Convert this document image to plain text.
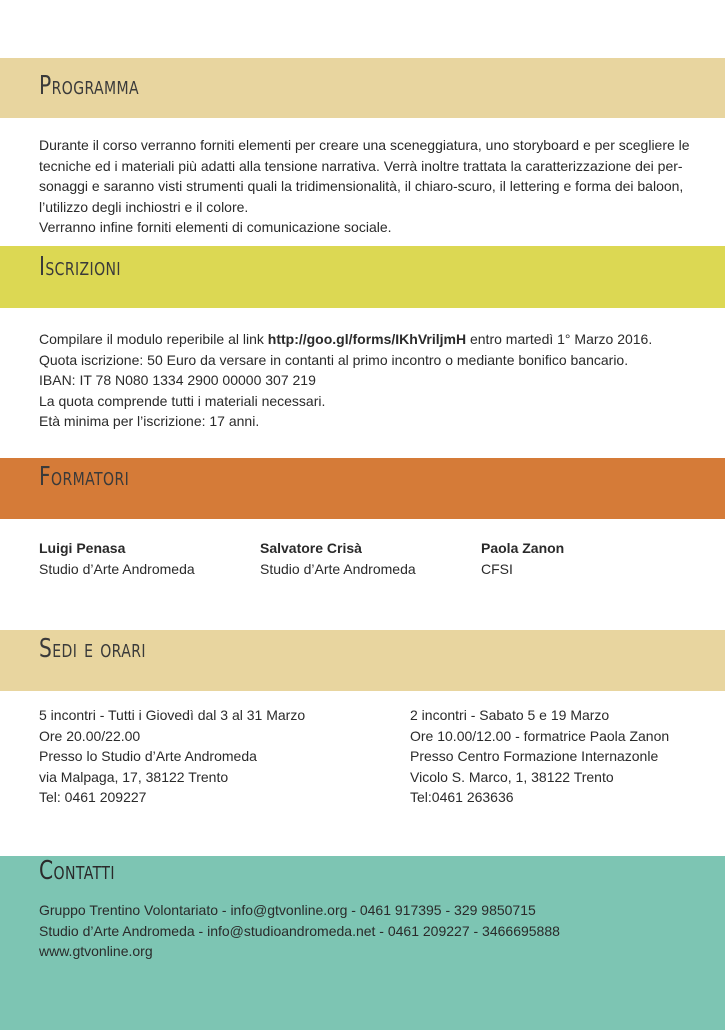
Programma

Durante il corso verranno forniti elementi per creare una sceneggiatura, uno storyboard e per scegliere le

tecniche ed i materiali più adatti alla tensione narrativa. Verrà inoltre trattata la caratterizzazione dei per-

sonaggi e saranno visti strumenti quali la tridimensionalità, il chiaro-scuro, il lettering e forma dei baloon,

l’utilizzo degli inchiostri e il colore.

Verranno infine forniti elementi di comunicazione sociale.

Iscrizioni

Compilare il modulo reperibile al link http://goo.gl/forms/IKhVriljmH entro martedì 1° Marzo 2016.

Quota iscrizione: 50 Euro da versare in contanti al primo incontro o mediante bonifico bancario.

IBAN: IT 78 N080 1334 2900 00000 307 219

La quota comprende tutti i materiali necessari.

Età minima per l’iscrizione: 17 anni.

Formatori

Luigi Penasa

Studio d’Arte Andromeda

Salvatore Crisà

Studio d’Arte Andromeda

Paola Zanon

CFSI

Sedi e orari

5 incontri - Tutti i Giovedì dal 3 al 31 Marzo

Ore 20.00/22.00

Presso lo Studio d’Arte Andromeda

via Malpaga, 17, 38122 Trento

Tel: 0461 209227

2 incontri - Sabato 5 e 19 Marzo

Ore 10.00/12.00 - formatrice Paola Zanon

Presso Centro Formazione Internazonle

Vicolo S. Marco, 1, 38122 Trento

Tel:0461 263636

Contatti

Gruppo Trentino Volontariato - info@gtvonline.org - 0461 917395 - 329 9850715

Studio d’Arte Andromeda - info@studioandromeda.net - 0461 209227 - 3466695888

www.gtvonline.org
